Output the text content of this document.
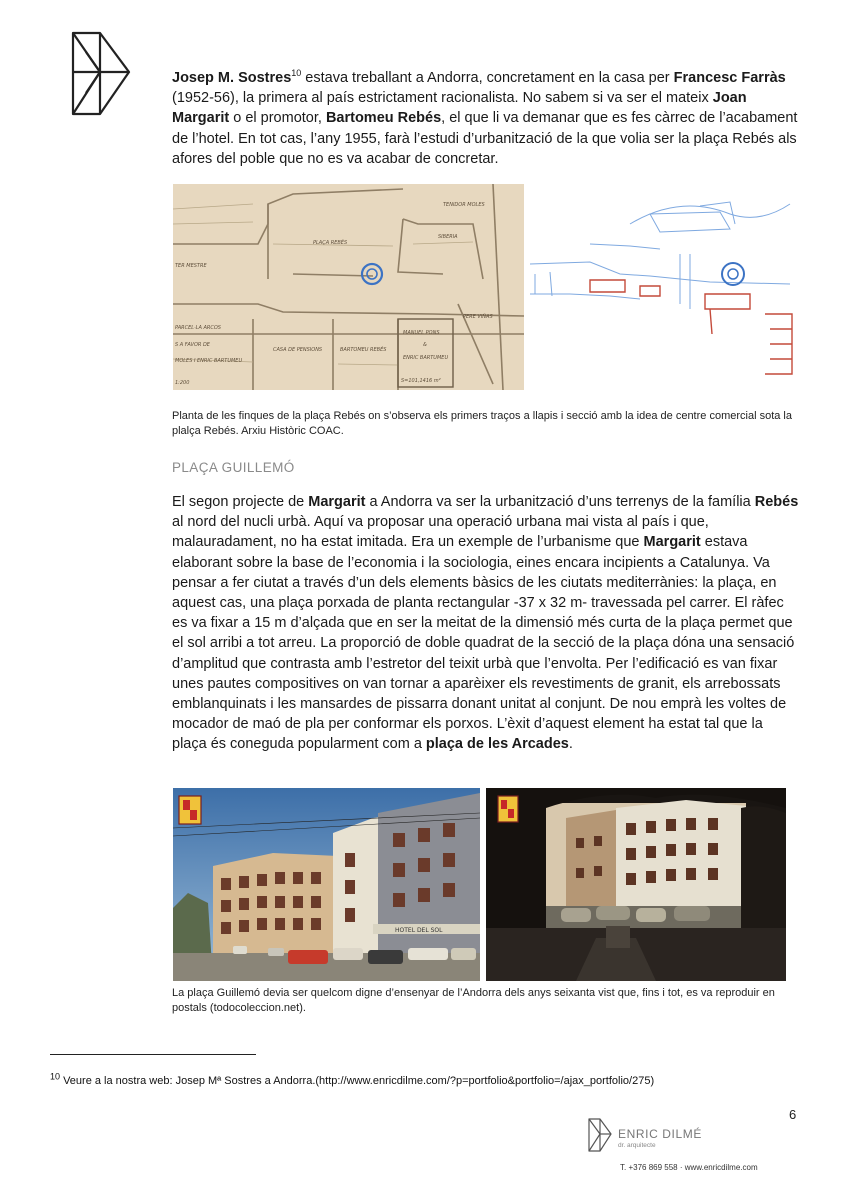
Josep M. Sostres$^{10}$ estava treballant a Andorra, concretament en la casa per Francesc Farràs (1952-56), la primera al país estrictament racionalista. No sabem si va ser el mateix Joan Margarit o el promotor, Bartomeu Rebés, el que li va demanar que es fes càrrec de l’acabament de l’hotel. En tot cas, l’any 1955, farà l’estudi d’urbanització de la que volia ser la plaça Rebés als afores del poble que no es va acabar de concretar.
PLAÇA REBÉS
TENIDOR MOLES
SIBERIA
TER MESTRE
PARCEL·LA ARCOS
S A FAVOR DE
MOLES I ENRIC BARTUMEU
CASA DE PENSIONS	BARTOMEU REBÉS
MANUEL PONS
&
ENRIC BARTUMEU
S=101,1416 m²
1:200
PERE VIÑAS
Planta de les finques de la plaça Rebés on s’observa els primers traços a llapis i secció amb la idea de centre comercial sota la plalça Rebés. Arxiu Històric COAC.
PLAÇA GUILLEMÓ
El segon projecte de Margarit a Andorra va ser la urbanització d’uns terrenys de la família Rebés al nord del nucli urbà. Aquí va proposar una operació urbana mai vista al país i que, malauradament, no ha estat imitada. Era un exemple de l’urbanisme que Margarit estava elaborant sobre la base de l’economia i la sociologia, eines encara incipients a Catalunya. Va pensar a fer ciutat a través d’un dels elements bàsics de les ciutats mediterrànies: la plaça, en aquest cas, una plaça porxada de planta rectangular -37 x 32 m- travessada pel carrer. El ràfec es va fixar a 15 m d’alçada que en ser la meitat de la dimensió més curta de la plaça permet que el sol arribi a tot arreu. La proporció de doble quadrat de la secció de la plaça dóna una sensació d’amplitud que contrasta amb l’estretor del teixit urbà que l’envolta. Per l’edificació es van fixar unes pautes compositives on van tornar a aparèixer els revestiments de granit, els arrebossats emblanquinats i les mansardes de pissarra donant unitat al conjunt. De nou emprà les voltes de mocador de maó de pla per conformar els porxos. L’èxit d’aquest element ha estat tal que la plaça és coneguda popularment com a plaça de les Arcades.
HOTEL DEL SOL
La plaça Guillemó devia ser quelcom digne d’ensenyar de l’Andorra dels anys seixanta vist que, fins i tot, es va reproduir en postals (todocoleccion.net).
$^{10}$ Veure a la nostra web: Josep Mª Sostres a Andorra.(http://www.enricdilme.com/?p=portfolio&portfolio=/ajax_portfolio/275)
6
ENRIC DILMÉ
dr. arquitecte
T. +376 869 558 · www.enricdilme.com
